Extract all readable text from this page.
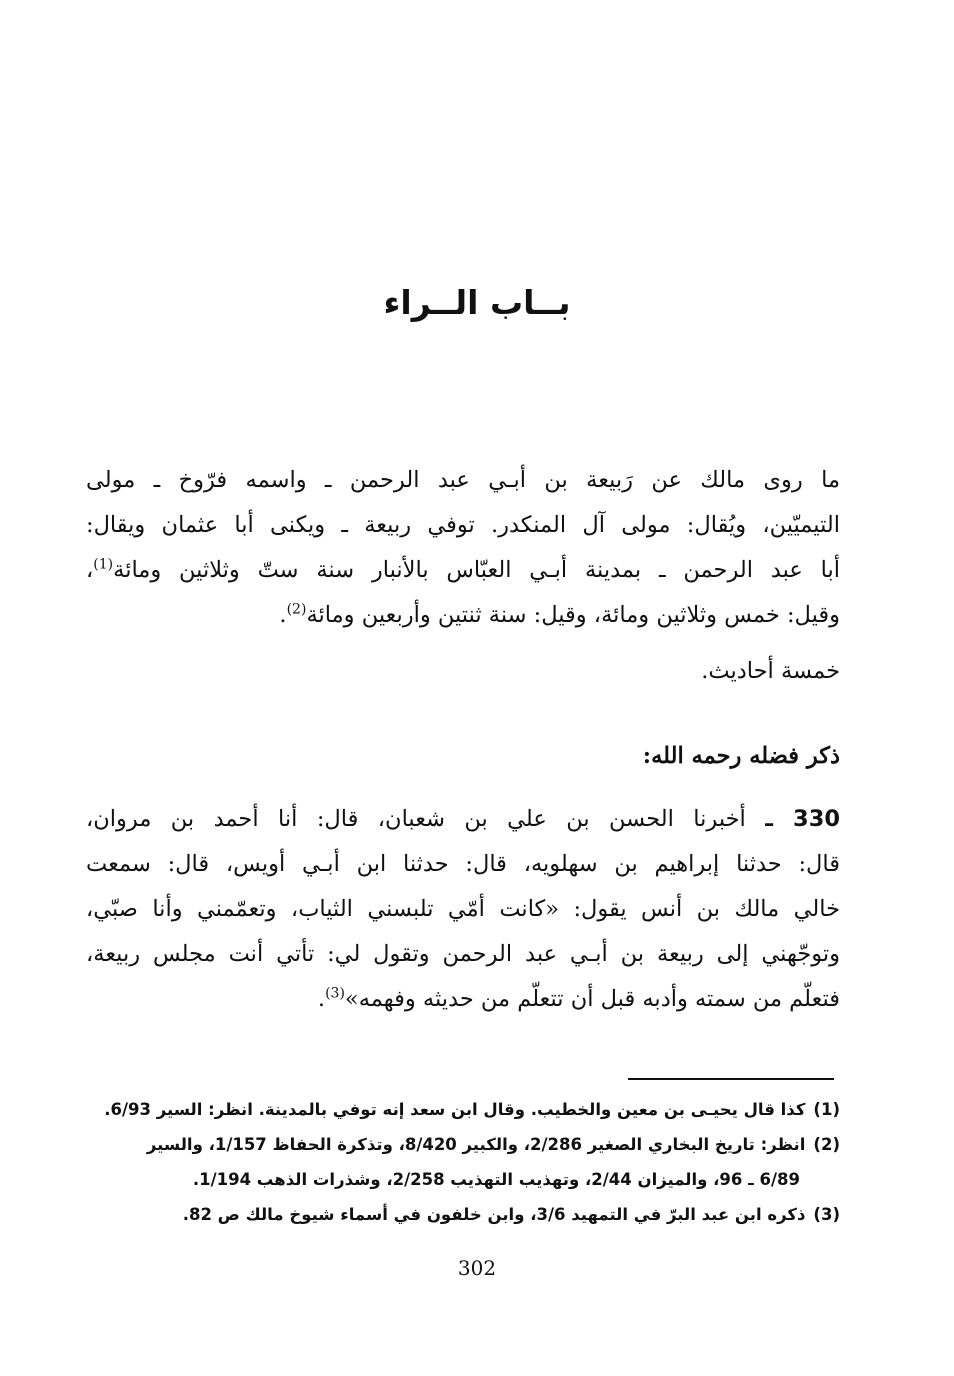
بــاب الــراء
ما روى مالك عن رَبيعة بن أبـي عبد الرحمن ـ واسمه فرّوخ ـ مولى
التيميّين، ويُقال: مولى آل المنكدر. توفي ربيعة ـ ويكنى أبا عثمان ويقال:
أبا عبد الرحمن ـ بمدينة أبـي العبّاس بالأنبار سنة ستّ وثلاثين ومائة$^{(1)}$،
وقيل: خمس وثلاثين ومائة، وقيل: سنة ثنتين وأربعين ومائة$^{(2)}$.
خمسة أحاديث.
ذكر فضله رحمه الله:
330 ـ أخبرنا الحسن بن علي بن شعبان، قال: أنا أحمد بن مروان،
قال: حدثنا إبراهيم بن سهلويه، قال: حدثنا ابن أبـي أويس، قال: سمعت
خالي مالك بن أنس يقول: «كانت أمّي تلبسني الثياب، وتعمّمني وأنا صبّي،
وتوجّهني إلى ربيعة بن أبـي عبد الرحمن وتقول لي: تأتي أنت مجلس ربيعة،
فتعلّم من سمته وأدبه قبل أن تتعلّم من حديثه وفهمه»$^{(3)}$.
(1)كذا قال يحيـى بن معين والخطيب. وقال ابن سعد إنه توفي بالمدينة. انظر: السير 6/93.
(2)انظر: تاريخ البخاري الصغير 2/286، والكبير 8/420، وتذكرة الحفاظ 1/157، والسير
6/89 ـ 96، والميزان 2/44، وتهذيب التهذيب 2/258، وشذرات الذهب 1/194.
(3)ذكره ابن عبد البرّ في التمهيد 3/6، وابن خلفون في أسماء شيوخ مالك ص 82.
302
